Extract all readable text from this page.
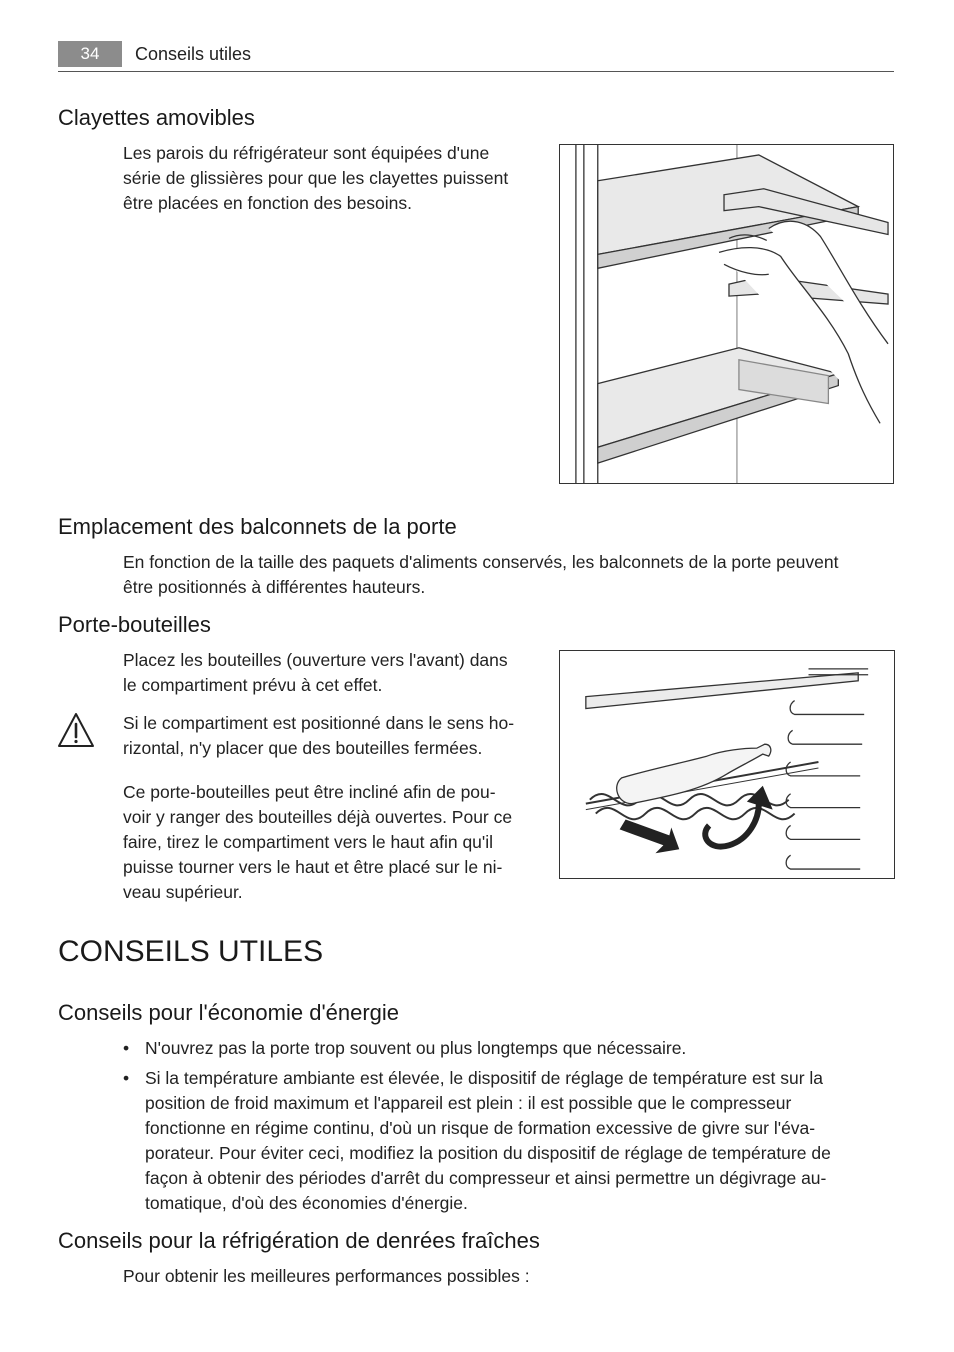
34	Conseils utiles
Clayettes amovibles
Les parois du réfrigérateur sont équipées d'une
série de glissières pour que les clayettes puissent
être placées en fonction des besoins.
Emplacement des balconnets de la porte
En fonction de la taille des paquets d'aliments conservés, les balconnets de la porte peuvent
être positionnés à différentes hauteurs.
Porte-bouteilles
Placez les bouteilles (ouverture vers l'avant) dans
le compartiment prévu à cet effet.
Si le compartiment est positionné dans le sens ho-
rizontal, n'y placer que des bouteilles fermées.
Ce porte-bouteilles peut être incliné afin de pou-
voir y ranger des bouteilles déjà ouvertes. Pour ce
faire, tirez le compartiment vers le haut afin qu'il
puisse tourner vers le haut et être placé sur le ni-
veau supérieur.
CONSEILS UTILES
Conseils pour l'économie d'énergie
• N'ouvrez pas la porte trop souvent ou plus longtemps que nécessaire.
• Si la température ambiante est élevée, le dispositif de réglage de température est sur la
position de froid maximum et l'appareil est plein : il est possible que le compresseur
fonctionne en régime continu, d'où un risque de formation excessive de givre sur l'éva-
porateur. Pour éviter ceci, modifiez la position du dispositif de réglage de température de
façon à obtenir des périodes d'arrêt du compresseur et ainsi permettre un dégivrage au-
tomatique, d'où des économies d'énergie.
Conseils pour la réfrigération de denrées fraîches
Pour obtenir les meilleures performances possibles :
